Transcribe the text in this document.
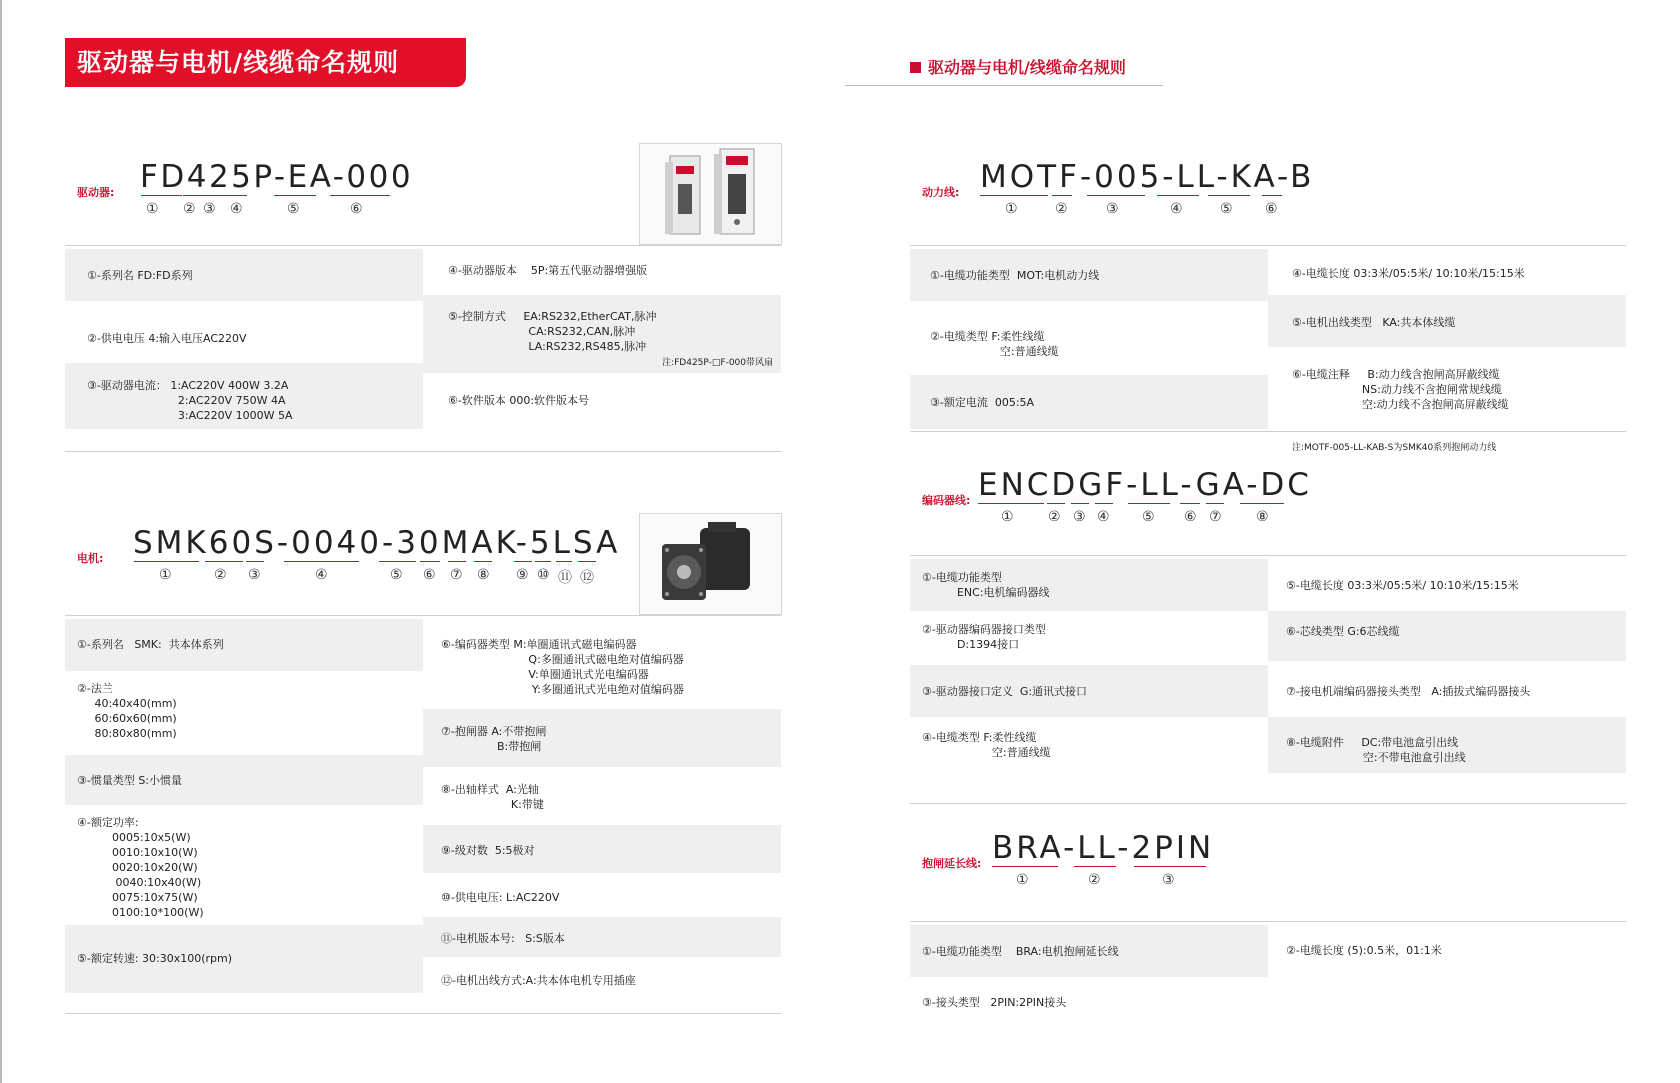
驱动器与电机/线缆命名规则	驱动器与电机/线缆命名规则
驱动器: FD425P-EA-000
① ② ③ ④	⑤	⑥
①-系列名 FD:FD系列
②-供电电压 4:输入电压AC220V
③-驱动器电流： 1:AC220V 400W 3.2A
2:AC220V 750W 4A
3:AC220V 1000W 5A
④-驱动器版本    5P:第五代驱动器增强版
⑤-控制方式     EA:RS232,EtherCAT,脉冲
CA:RS232,CAN,脉冲
LA:RS232,RS485,脉冲
注:FD425P-□F-000带风扇
⑥-软件版本 000:软件版本号
电机: SMK60S-0040-30MAK-5LSA
①	② ③	④	⑤ ⑥ ⑦ ⑧ ⑨ ⑩ ⑪ ⑫
①-系列名   SMK:  共本体系列
②-法兰
40:40x40(mm)
60:60x60(mm)
80:80x80(mm)
③-惯量类型 S:小惯量
④-额定功率:
0005:10x5(W)
0010:10x10(W)
0020:10x20(W)
0040:10x40(W)
0075:10x75(W)
0100:10*100(W)
⑤-额定转速: 30:30x100(rpm)
⑥-编码器类型 M:单圈通讯式磁电编码器
Q:多圈通讯式磁电绝对值编码器
V:单圈通讯式光电编码器
Y:多圈通讯式光电绝对值编码器
⑦-抱闸器 A:不带抱闸
B:带抱闸
⑧-出轴样式  A:光轴
K:带键
⑨-级对数  5:5极对
⑩-供电电压: L:AC220V
⑪-电机版本号:   S:S版本
⑫-电机出线方式:A:共本体电机专用插座
动力线: MOTF-005-LL-KA-B
①	②	③	④	⑤ ⑥
①-电缆功能类型  MOT:电机动力线
②-电缆类型 F:柔性线缆
空:普通线缆
③-额定电流  005:5A
④-电缆长度 03:3米/05:5米/ 10:10米/15:15米
⑤-电机出线类型   KA:共本体线缆
⑥-电缆注释     B:动力线含抱闸高屏蔽线缆
NS:动力线不含抱闸常规线缆
空:动力线不含抱闸高屏蔽线缆
注:MOTF-005-LL-KAB-S为SMK40系列抱闸动力线
编码器线: ENCDGF-LL-GA-DC
① ② ③ ④ ⑤ ⑥ ⑦ ⑧
①-电缆功能类型
ENC:电机编码器线
②-驱动器编码器接口类型
D:1394接口
③-驱动器接口定义  G:通讯式接口
④-电缆类型 F:柔性线缆
空:普通线缆
⑤-电缆长度 03:3米/05:5米/ 10:10米/15:15米
⑥-芯线类型 G:6芯线缆
⑦-接电机端编码器接头类型   A:插拔式编码器接头
⑧-电缆附件     DC:带电池盒引出线
空:不带电池盒引出线
抱闸延长线: BRA-LL-2PIN
①	②	③
①-电缆功能类型    BRA:电机抱闸延长线
③-接头类型   2PIN:2PIN接头
②-电缆长度 (5):0.5米，01:1米
